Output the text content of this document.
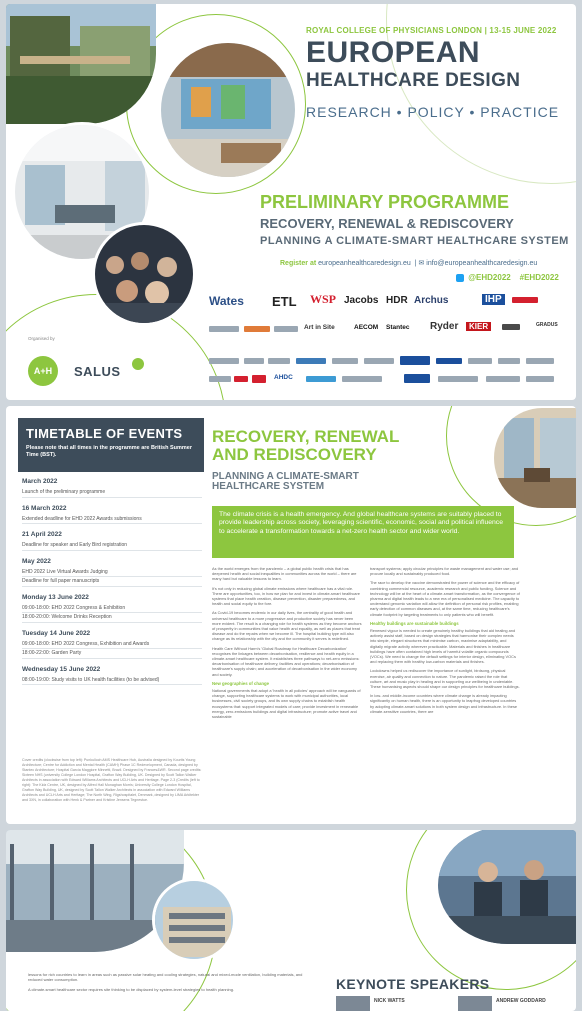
ROYAL COLLEGE OF PHYSICIANS LONDON | 13-15 JUNE 2022
EUROPEAN
HEALTHCARE DESIGN
RESEARCH • POLICY • PRACTICE
PRELIMINARY PROGRAMME
RECOVERY, RENEWAL & REDISCOVERY
PLANNING A CLIMATE-SMART HEALTHCARE SYSTEM
Register at europeanhealthcaredesign.eu  | ✉ info@europeanhealthcaredesign.eu
@EHD2022 #EHD2022

Wates ETL WSP Jacobs HDR Archus	IHP
Art in Site	AECOM Stantec Ryder	KIER	GRADUS
AHDC
Organised by
A+H	SALUS
TIMETABLE OF EVENTS
Please note that all times in the programme are British Summer Time (BST).
March 2022
Launch of the preliminary programme
16 March 2022
Extended deadline for EHD 2022 Awards submissions
21 April 2022
Deadline for speaker and Early Bird registration
May 2022
EHD 2022 Live Virtual Awards Judging
Deadline for full paper manuscripts
Monday 13 June 2022
09:00-18:00: EHD 2022 Congress & Exhibition
18:00-20:00: Welcome Drinks Reception
Tuesday 14 June 2022
09:00-18:00: EHD 2022 Congress, Exhibition and Awards
18:00-22:00: Garden Party
Wednesday 15 June 2022
08:00-19:00: Study visits to UK health facilities (to be advised)
Cover credits (clockwise from top left): Punkulloch AMS Healthcare Hub, Australia designed by Kourtis Young Architecture; Centre for Addiction and Mental Health (CAMH) Phase 1C Redevelopment, Canada, designed by Stantec Architecture; Hospital Garcia Maggiore Minnetti, Brazil. Designed by Frances&WR. Second page credits: Sixteen NHS (university College London Hospital, Grafton Way Building, UK. Designed by Scott Tallon Walker Architects in association with Edward Williams Architects and UCLH Arts and Heritage. Page 2-3 (Credits (left to right): The Kidz Centre, UK, designed by Alfred Hall Monaghan Morris; University College London Hospital, Grafton Way Building, UK, designed by Scott Tallon Walker Architects in association with Edward Williams Architects and UCLH Arts and Heritage; The North Wing, Rigshospitalet, Denmark, designed by LIMA Arkitekter and 3XN, in collaboration with Henk & Partner and Kristine Jensens Tegnestue.
RECOVERY, RENEWAL
AND REDISCOVERY
PLANNING A CLIMATE-SMART
HEALTHCARE SYSTEM
The climate crisis is a health emergency. And global healthcare systems are suitably placed to provide leadership across society, leveraging scientific, economic, social and political influence to accelerate a transformation towards a net-zero health sector and wider world.

As the world emerges from the pandemic – a global public health crisis that has deepened health and social inequalities in communities across the world – there are many hard but valuable lessons to learn.

It's not only in reducing global climate emissions where healthcare has a vital role. There are opportunities, too, in how we plan for and invest in climate-smart healthcare systems that place health creation, disease prevention, disaster preparedness, and health and social equity to the fore.

As Covid-19 becomes endemic in our daily lives, the centrality of good health and universal healthcare to a more progressive and productive society has never been more evident. The result is a changing role for health systems as they become anchors of prosperity in communities that value health and equality, as well as places that treat disease and do the repairs when we become ill. The hospital building type will also change as its relationship with the city and the community it serves is redefined.

Health Care Without Harm's 'Global Roadmap for Healthcare Decarbonization' recognises the linkages between decarbonisation, resilience and health equity in a climate-smart healthcare system. It establishes three pathways to net-zero emissions: decarbonisation of healthcare delivery, facilities and operations; decarbonisation of healthcare's supply chain; and acceleration of decarbonisation in the wider economy and society.

New geographies of change

National governments that adopt a 'health in all policies' approach will be vanguards of change, supporting healthcare systems to work with municipal authorities, local businesses, civil society groups, and its own supply chains to establish health ecosystems that: support integrated models of care; provide investment in renewable energy, zero-emissions buildings and digital infrastructure; promote active travel and sustainable

transport systems; apply circular principles for waste management and water use; and procure locally and sustainably produced food.

The race to develop the vaccine demonstrated the power of science and the efficacy of combining commercial resource, academic research and public funding. Science and technology will be at the heart of a climate-smart transformation, as the convergence of pharma and digital health leads to a new era of personalised medicine. The capacity to understand genomic variation will allow the definition of personal risk profiles, enabling early detection of common diseases and, at the same time, reducing healthcare's climate footprint by targeting treatments to only patients who will benefit.

Healthy buildings are sustainable buildings

Renewed vigour is needed to create genuinely healthy buildings that aid healing and actively assist staff, based on design strategies that harmonise their complex needs into simple, elegant structures that minimise carbon, maximise adaptability, and digitally migrate activity wherever practicable. Materials and finishes in healthcare buildings have often contained high levels of harmful volatile organic compounds (VOCs). We need to change the default settings for interior design, eliminating VOCs and replacing them with healthy low-carbon materials and finishes.

Lockdowns helped us rediscover the importance of sunlight, birdsong, physical exercise, air quality and connection to nature. The pandemic raised the role that culture, art and music play in healing and in supporting our wellbeing in undeniable. These humanising aspects should shape our design principles for healthcare buildings.

In low- and middle-income countries where climate change is already impacting significantly on human health, there is an opportunity to leapfrog developed countries by adopting climate-smart solutions in both system design and infrastructure. In these climate-sensitive countries, there are

lessons for rich countries to learn in areas such as passive solar heating and cooling strategies, natural and mixed-mode ventilation, building materials, and reduced water consumption.

A climate-smart healthcare sector requires site thinking to be displaced by system-level strategies to health planning.	KEYNOTE SPEAKERS
NICK WATTS	ANDREW GODDARD
